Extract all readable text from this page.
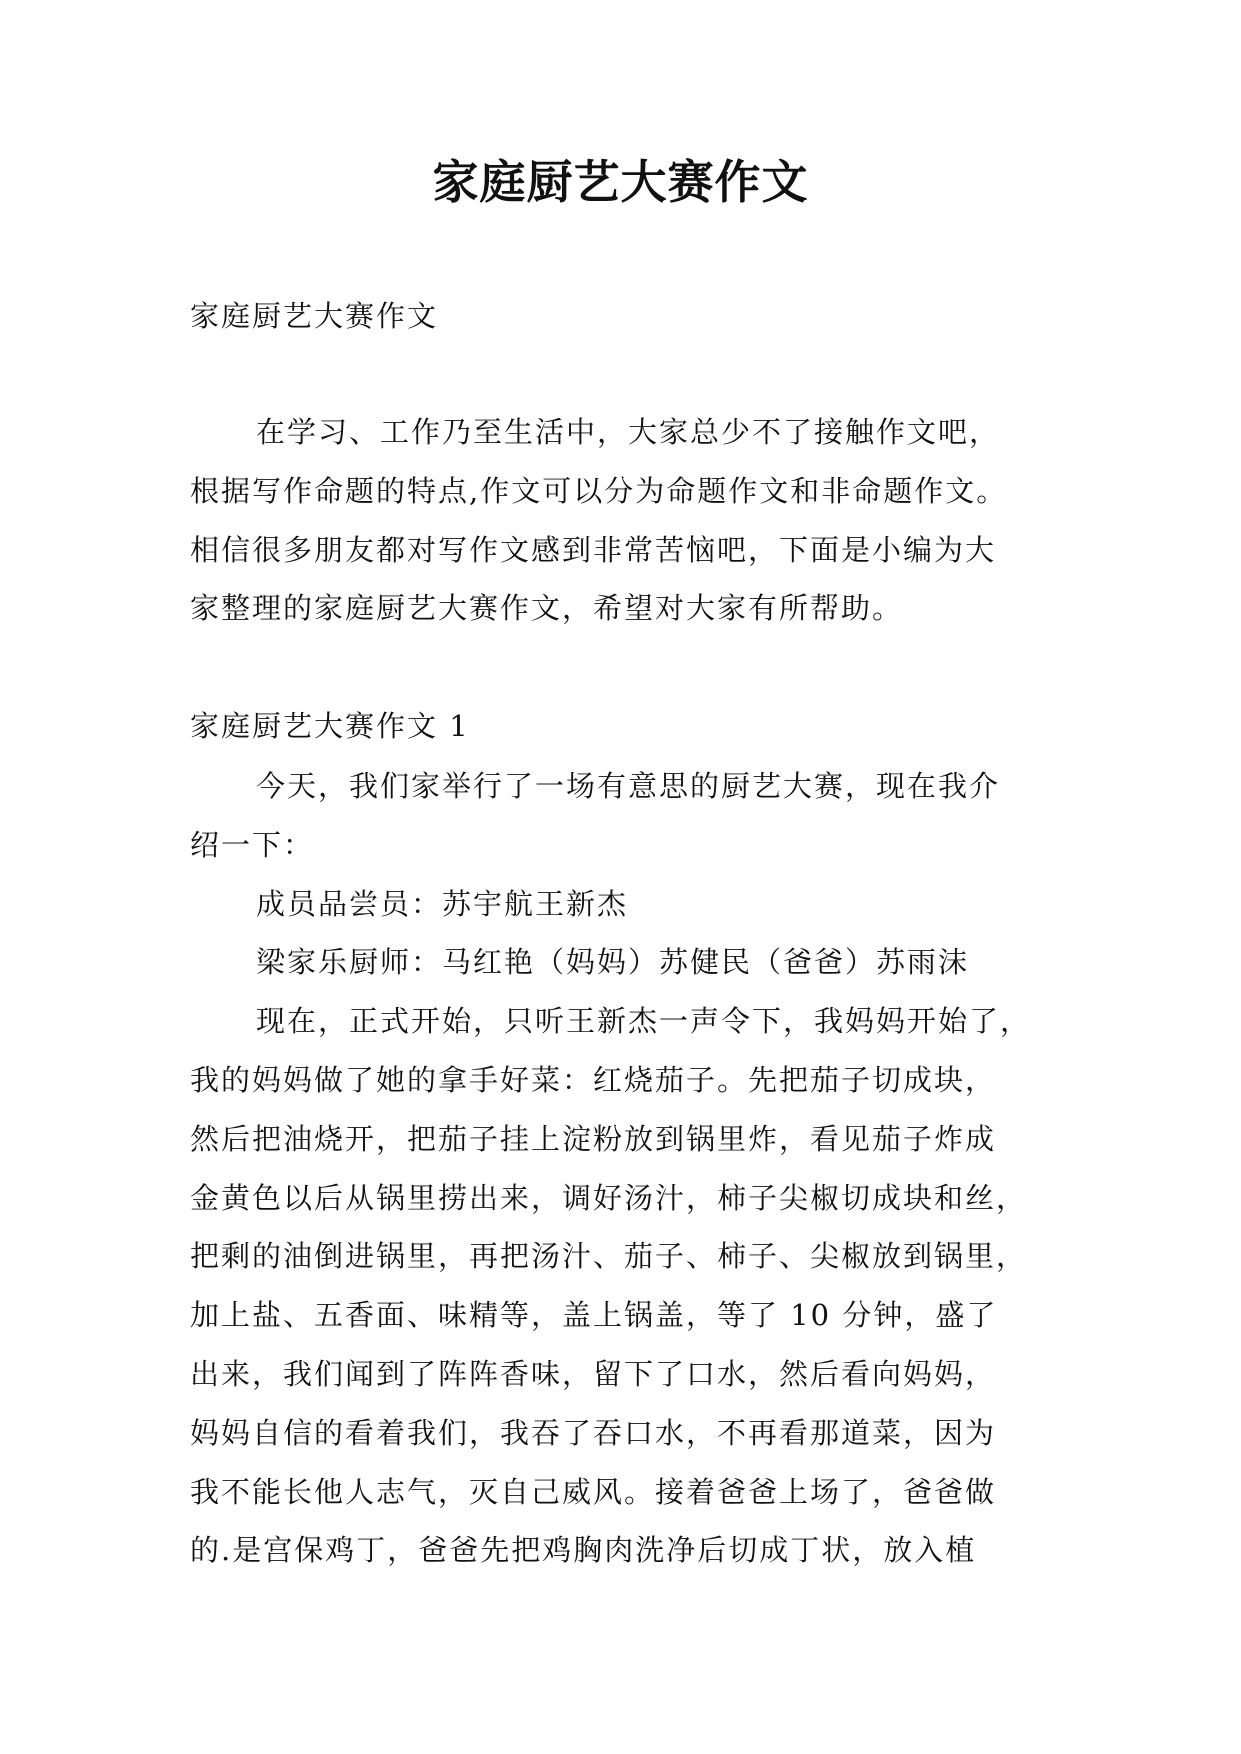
家庭厨艺大赛作文

家庭厨艺大赛作文

在学习、工作乃至生活中，大家总少不了接触作文吧，
根据写作命题的特点,作文可以分为命题作文和非命题作文。
相信很多朋友都对写作文感到非常苦恼吧，下面是小编为大
家整理的家庭厨艺大赛作文，希望对大家有所帮助。

家庭厨艺大赛作文 1

今天，我们家举行了一场有意思的厨艺大赛，现在我介
绍一下：
成员品尝员：苏宇航王新杰
梁家乐厨师：马红艳（妈妈）苏健民（爸爸）苏雨沫
现在，正式开始，只听王新杰一声令下，我妈妈开始了，
我的妈妈做了她的拿手好菜：红烧茄子。先把茄子切成块，
然后把油烧开，把茄子挂上淀粉放到锅里炸，看见茄子炸成
金黄色以后从锅里捞出来，调好汤汁，柿子尖椒切成块和丝，
把剩的油倒进锅里，再把汤汁、茄子、柿子、尖椒放到锅里，
加上盐、五香面、味精等，盖上锅盖，等了 10 分钟，盛了
出来，我们闻到了阵阵香味，留下了口水，然后看向妈妈，
妈妈自信的看着我们，我吞了吞口水，不再看那道菜，因为
我不能长他人志气，灭自己威风。接着爸爸上场了，爸爸做
的.是宫保鸡丁，爸爸先把鸡胸肉洗净后切成丁状，放入植
